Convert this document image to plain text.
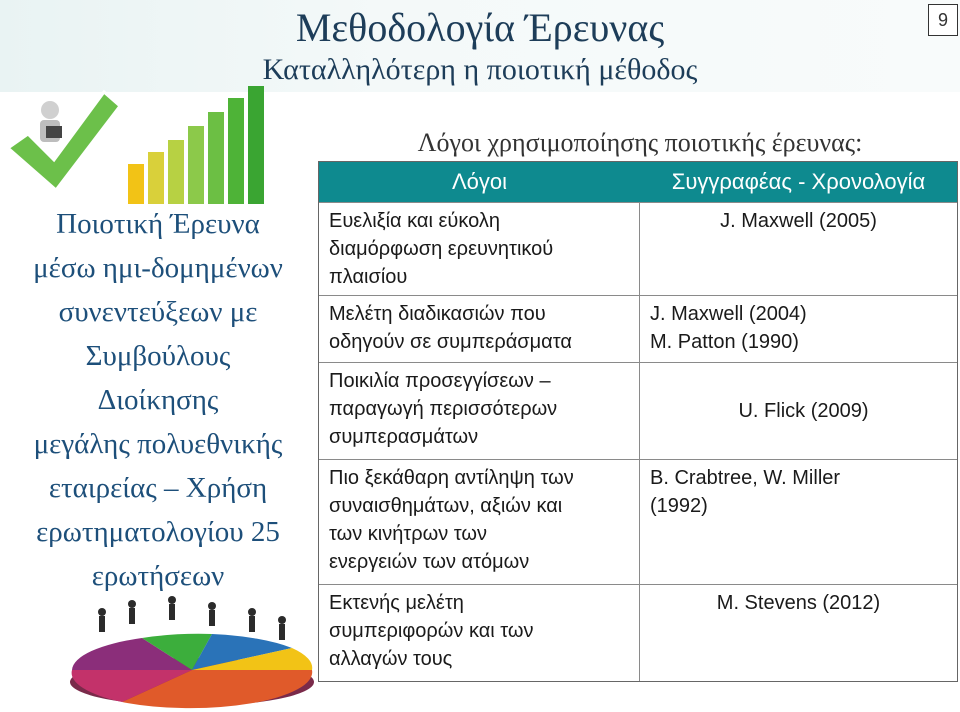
Μεθοδολογία Έρευνας
Καταλληλότερη η ποιοτική μέθοδος
9
Ποιοτική Έρευνα
μέσω ημι-δομημένων
συνεντεύξεων με
Συμβούλους
Διοίκησης
μεγάλης πολυεθνικής
εταιρείας – Χρήση
ερωτηματολογίου 25
ερωτήσεων
Λόγοι χρησιμοποίησης ποιοτικής έρευνας:
Λόγοι	Συγγραφέας - Χρονολογία
Ευελιξία και εύκολη
διαμόρφωση ερευνητικού
πλαισίου
J. Maxwell (2005)
Μελέτη διαδικασιών που
οδηγούν σε συμπεράσματα
J. Maxwell (2004)
M. Patton (1990)
Ποικιλία προσεγγίσεων –
παραγωγή περισσότερων
συμπερασμάτων
U. Flick (2009)
Πιο ξεκάθαρη αντίληψη των
συναισθημάτων, αξιών και
των κινήτρων των
ενεργειών των ατόμων
B. Crabtree, W. Miller
(1992)
Εκτενής μελέτη
συμπεριφορών και των
αλλαγών τους
M. Stevens (2012)
